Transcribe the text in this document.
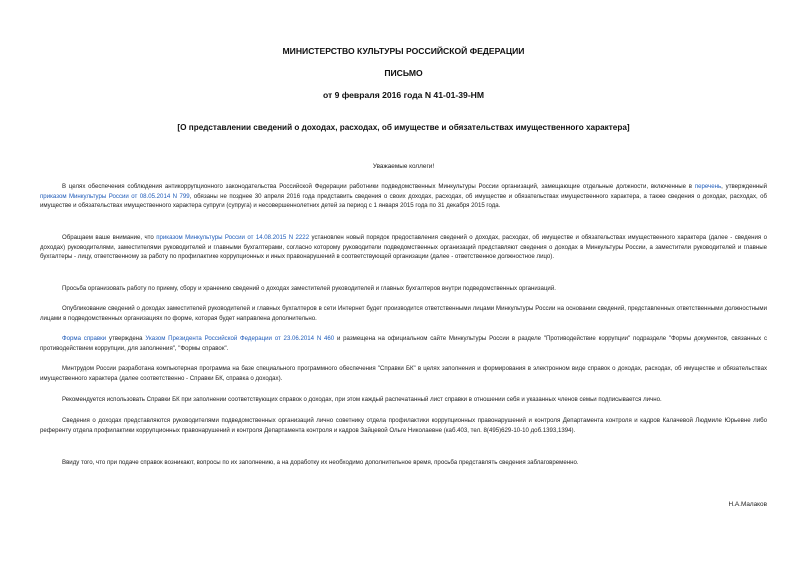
МИНИСТЕРСТВО КУЛЬТУРЫ РОССИЙСКОЙ ФЕДЕРАЦИИ
ПИСЬМО
от 9 февраля 2016 года N 41-01-39-НМ
[О представлении сведений о доходах, расходах, об имуществе и обязательствах имущественного характера]
Уважаемые коллеги!
В целях обеспечения соблюдения антикоррупционного законодательства Российской Федерации работники подведомственных Минкультуры России организаций, замещающие отдельные должности, включенные в перечень, утвержденный приказом Минкультуры России от 08.05.2014 N 799, обязаны не позднее 30 апреля 2016 года представить сведения о своих доходах, расходах, об имуществе и обязательствах имущественного характера, а также сведения о доходах, расходах, об имуществе и обязательствах имущественного характера супруги (супруга) и несовершеннолетних детей за период с 1 января 2015 года по 31 декабря 2015 года.
Обращаем ваше внимание, что приказом Минкультуры России от 14.08.2015 N 2222 установлен новый порядок предоставления сведений о доходах, расходах, об имуществе и обязательствах имущественного характера (далее - сведения о доходах) руководителями, заместителями руководителей и главными бухгалтерами, согласно которому руководители подведомственных организаций представляют сведения о доходах в Минкультуры России, а заместители руководителей и главные бухгалтеры - лицу, ответственному за работу по профилактике коррупционных и иных правонарушений в соответствующей организации (далее - ответственное должностное лицо).
Просьба организовать работу по приему, сбору и хранению сведений о доходах заместителей руководителей и главных бухгалтеров внутри подведомственных организаций.
Опубликование сведений о доходах заместителей руководителей и главных бухгалтеров в сети Интернет будет производится ответственными лицами Минкультуры России на основании сведений, представленных ответственными должностными лицами в подведомственных организациях по форме, которая будет направлена дополнительно.
Форма справки утверждена Указом Президента Российской Федерации от 23.06.2014 N 460 и размещена на официальном сайте Минкультуры России в разделе "Противодействие коррупции" подразделе "Формы документов, связанных с противодействием коррупции, для заполнения", "Формы справок".
Минтрудом России разработана компьютерная программа на базе специального программного обеспечения "Справки БК" в целях заполнения и формирования в электронном виде справок о доходах, расходах, об имуществе и обязательствах имущественного характера (далее соответственно - Справки БК, справка о доходах).
Рекомендуется использовать Справки БК при заполнении соответствующих справок о доходах, при этом каждый распечатанный лист справки в отношении себя и указанных членов семьи подписывается лично.
Сведения о доходах представляются руководителями подведомственных организаций лично советнику отдела профилактики коррупционных правонарушений и контроля Департамента контроля и кадров Калачевой Людмиле Юрьевне либо референту отдела профилактики коррупционных правонарушений и контроля Департамента контроля и кадров Зайцевой Ольге Николаевне (каб.403, тел. 8(495)629-10-10 доб.1393,1394).
Ввиду того, что при подаче справок возникают, вопросы по их заполнению, а на доработку их необходимо дополнительное время, просьба представлять сведения заблаговременно.
Н.А.Малаков
